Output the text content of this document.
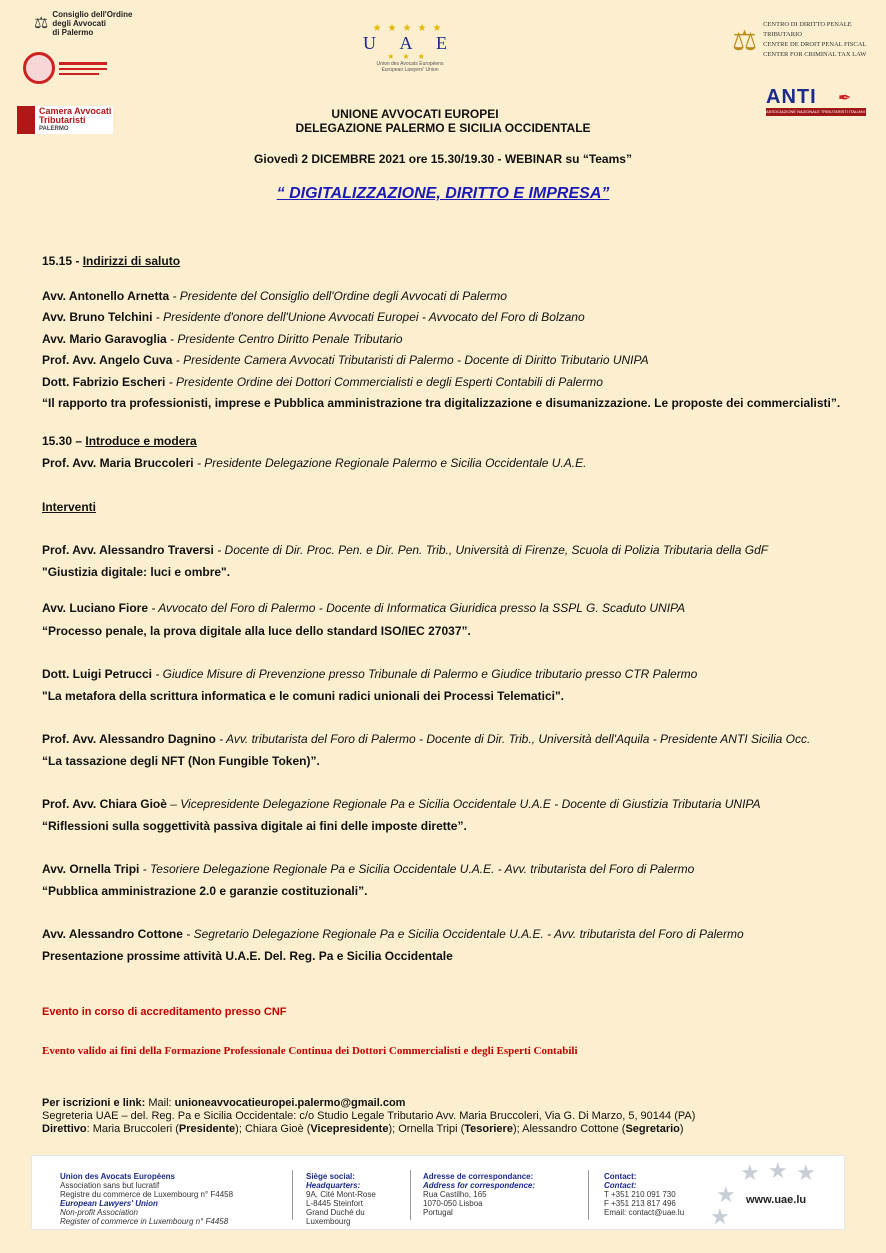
⚖
Consiglio dell'Ordine
degli Avvocati
di Palermo
Camera Avvocati
Tributaristi
PALERMO
★★★★★
U A E
★★★
Union des Avocats Européens
European Lawyers' Union
⚖ CENTRO DI DIRITTO PENALE TRIBUTARIO
CENTRE DE DROIT PENAL FISCAL
CENTER FOR CRIMINAL TAX LAW
ANTI	✒
ASSOCIAZIONE NAZIONALE TRIBUTARISTI ITALIANI
UNIONE AVVOCATI EUROPEI
DELEGAZIONE PALERMO E SICILIA OCCIDENTALE
Giovedì 2 DICEMBRE 2021 ore 15.30/19.30 - WEBINAR su “Teams”
“ DIGITALIZZAZIONE, DIRITTO E IMPRESA”
15.15 - Indirizzi di saluto
Avv. Antonello Arnetta - Presidente del Consiglio dell'Ordine degli Avvocati di Palermo
Avv. Bruno Telchini - Presidente d'onore dell'Unione Avvocati Europei - Avvocato del Foro di Bolzano
Avv. Mario Garavoglia - Presidente Centro Diritto Penale Tributario
Prof. Avv. Angelo Cuva - Presidente Camera Avvocati Tributaristi di Palermo - Docente di Diritto Tributario UNIPA
Dott. Fabrizio Escheri - Presidente Ordine dei Dottori Commercialisti e degli Esperti Contabili di Palermo
“Il rapporto tra professionisti, imprese e Pubblica amministrazione tra digitalizzazione e disumanizzazione. Le proposte dei commercialisti”.
15.30 – Introduce e modera
Prof. Avv. Maria Bruccoleri - Presidente Delegazione Regionale Palermo e Sicilia Occidentale U.A.E.
Interventi
Prof. Avv. Alessandro Traversi - Docente di Dir. Proc. Pen. e Dir. Pen. Trib., Università di Firenze, Scuola di Polizia Tributaria della GdF
"Giustizia digitale: luci e ombre".
Avv. Luciano Fiore - Avvocato del Foro di Palermo - Docente di Informatica Giuridica presso la SSPL G. Scaduto UNIPA
“Processo penale, la prova digitale alla luce dello standard ISO/IEC 27037”.
Dott. Luigi Petrucci - Giudice Misure di Prevenzione presso Tribunale di Palermo e Giudice tributario presso CTR Palermo
"La metafora della scrittura informatica e le comuni radici unionali dei Processi Telematici".
Prof. Avv. Alessandro Dagnino - Avv. tributarista del Foro di Palermo - Docente di Dir. Trib., Università dell'Aquila - Presidente ANTI Sicilia Occ.
“La tassazione degli NFT (Non Fungible Token)”.
Prof. Avv. Chiara Gioè – Vicepresidente Delegazione Regionale Pa e Sicilia Occidentale U.A.E - Docente di Giustizia Tributaria UNIPA
“Riflessioni sulla soggettività passiva digitale ai fini delle imposte dirette”.
Avv. Ornella Tripi - Tesoriere Delegazione Regionale Pa e Sicilia Occidentale U.A.E. - Avv. tributarista del Foro di Palermo
“Pubblica amministrazione 2.0 e garanzie costituzionali”.
Avv. Alessandro Cottone - Segretario Delegazione Regionale Pa e Sicilia Occidentale U.A.E. - Avv. tributarista del Foro di Palermo
Presentazione prossime attività U.A.E. Del. Reg. Pa e Sicilia Occidentale
Evento in corso di accreditamento presso CNF
Evento valido ai fini della Formazione Professionale Continua dei Dottori Commercialisti e degli Esperti Contabili
Per iscrizioni e link: Mail: unioneavvocatieuropei.palermo@gmail.com
Segreteria UAE – del. Reg. Pa e Sicilia Occidentale: c/o Studio Legale Tributario Avv. Maria Bruccoleri, Via G. Di Marzo, 5, 90144 (PA)
Direttivo: Maria Bruccoleri (Presidente); Chiara Gioè (Vicepresidente); Ornella Tripi (Tesoriere); Alessandro Cottone (Segretario)
Union des Avocats Européens
Association sans but lucratif
Registre du commerce de Luxembourg n° F4458
European Lawyers' Union
Non-profit Association
Register of commerce in Luxembourg n° F4458
Siège social:
Headquarters:
9A, Cité Mont-Rose
L-8445 Steinfort
Grand Duché du
Luxembourg
Adresse de correspondance:
Address for correspondence:
Rua Castilho, 165
1070-050 Lisboa
Portugal
Contact:
Contact:
T +351 210 091 730
F +351 213 817 496
Email: contact@uae.lu
★ ★ ★
★
★
www.uae.lu
